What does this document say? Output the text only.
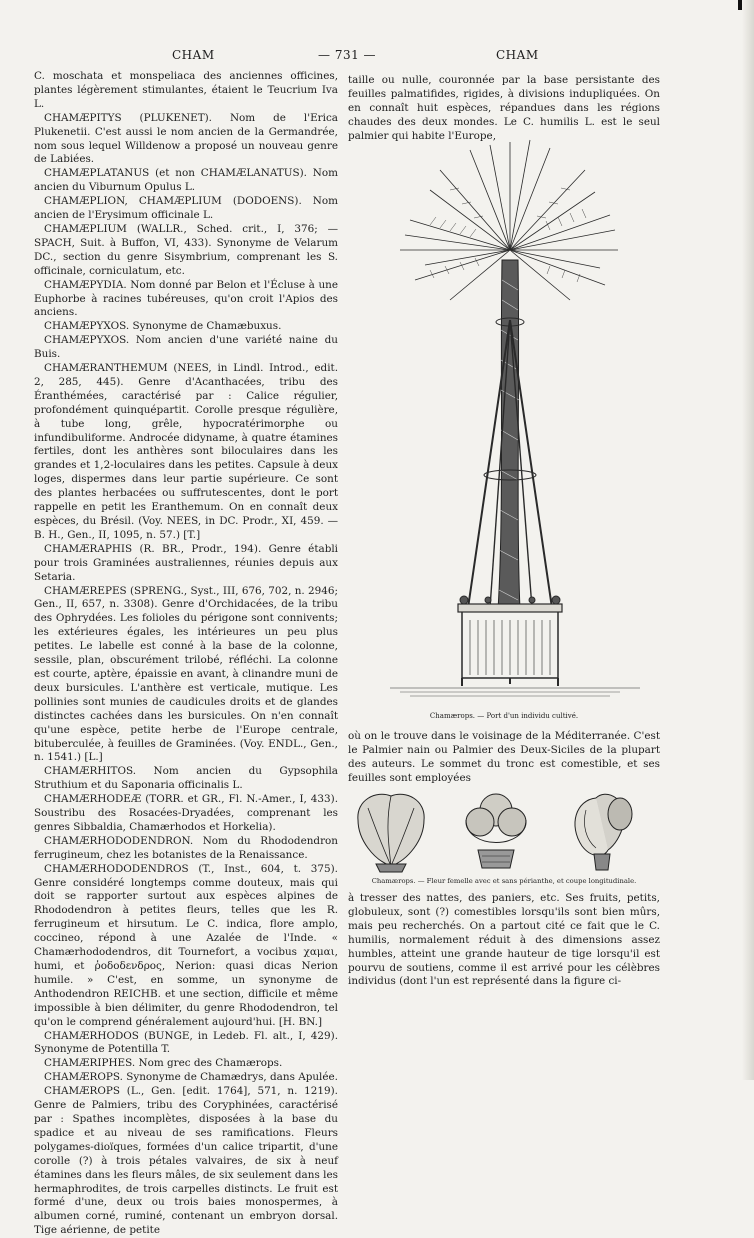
CHAM	— 731 —	CHAM

C. moschata et monspeliaca des anciennes officines, plantes légèrement stimulantes, étaient le Teucrium Iva L.

CHAMÆPITYS (PLUKENET). Nom de l'Erica Plukenetii. C'est aussi le nom ancien de la Germandrée, nom sous lequel Willdenow a proposé un nouveau genre de Labiées.

CHAMÆPLATANUS (et non CHAMÆLANATUS). Nom ancien du Viburnum Opulus L.

CHAMÆPLION, CHAMÆPLIUM (DODOENS). Nom ancien de l'Erysimum officinale L.

CHAMÆPLIUM (WALLR., Sched. crit., I, 376; — SPACH, Suit. à Buffon, VI, 433). Synonyme de Velarum DC., section du genre Sisymbrium, comprenant les S. officinale, corniculatum, etc.

CHAMÆPYDIA. Nom donné par Belon et l'Écluse à une Euphorbe à racines tubéreuses, qu'on croit l'Apios des anciens.

CHAMÆPYXOS. Synonyme de Chamæbuxus.

CHAMÆPYXOS. Nom ancien d'une variété naine du Buis.

CHAMÆRANTHEMUM (NEES, in Lindl. Introd., edit. 2, 285, 445). Genre d'Acanthacées, tribu des Éranthémées, caractérisé par : Calice régulier, profondément quinquépartit. Corolle presque régulière, à tube long, grêle, hypocratérimorphe ou infundibuliforme. Androcée didyname, à quatre étamines fertiles, dont les anthères sont biloculaires dans les grandes et 1,2-loculaires dans les petites. Capsule à deux loges, dispermes dans leur partie supérieure. Ce sont des plantes herbacées ou suffrutescentes, dont le port rappelle en petit les Eranthemum. On en connaît deux espèces, du Brésil. (Voy. NEES, in DC. Prodr., XI, 459. — B. H., Gen., II, 1095, n. 57.) [T.]

CHAMÆRAPHIS (R. BR., Prodr., 194). Genre établi pour trois Graminées australiennes, réunies depuis aux Setaria.

CHAMÆREPES (SPRENG., Syst., III, 676, 702, n. 2946; Gen., II, 657, n. 3308). Genre d'Orchidacées, de la tribu des Ophrydées. Les folioles du périgone sont connivents; les extérieures égales, les intérieures un peu plus petites. Le labelle est conné à la base de la colonne, sessile, plan, obscurément trilobé, réfléchi. La colonne est courte, aptère, épaissie en avant, à clinandre muni de deux bursicules. L'anthère est verticale, mutique. Les pollinies sont munies de caudicules droits et de glandes distinctes cachées dans les bursicules. On n'en connaît qu'une espèce, petite herbe de l'Europe centrale, bituberculée, à feuilles de Graminées. (Voy. ENDL., Gen., n. 1541.) [L.]

CHAMÆRHITOS. Nom ancien du Gypsophila Struthium et du Saponaria officinalis L.

CHAMÆRHODEÆ (TORR. et GR., Fl. N.-Amer., I, 433). Soustribu des Rosacées-Dryadées, comprenant les genres Sibbaldia, Chamærhodos et Horkelia).

CHAMÆRHODODENDRON. Nom du Rhododendron ferrugineum, chez les botanistes de la Renaissance.

CHAMÆRHODODENDROS (T., Inst., 604, t. 375). Genre considéré longtemps comme douteux, mais qui doit se rapporter surtout aux espèces alpines de Rhododendron à petites fleurs, telles que les R. ferrugineum et hirsutum. Le C. indica, flore amplo, coccineo, répond à une Azalée de l'Inde. « Chamærhododendros, dit Tournefort, a vocibus χαμαι, humi, et ῥοδοδενδρος, Nerion: quasi dicas Nerion humile. » C'est, en somme, un synonyme de Anthodendron REICHB. et une section, difficile et même impossible à bien délimiter, du genre Rhododendron, tel qu'on le comprend généralement aujourd'hui. [H. BN.]

CHAMÆRHODOS (BUNGE, in Ledeb. Fl. alt., I, 429). Synonyme de Potentilla T.

CHAMÆRIPHES. Nom grec des Chamærops.

CHAMÆROPS. Synonyme de Chamædrys, dans Apulée.

CHAMÆROPS (L., Gen. [edit. 1764], 571, n. 1219). Genre de Palmiers, tribu des Coryphinées, caractérisé par : Spathes incomplètes, disposées à la base du spadice et au niveau de ses ramifications. Fleurs polygames-dioïques, formées d'un calice tripartit, d'une corolle (?) à trois pétales valvaires, de six à neuf étamines dans les fleurs mâles, de six seulement dans les hermaphrodites, de trois carpelles distincts. Le fruit est formé d'une, deux ou trois baies monospermes, à albumen corné, ruminé, contenant un embryon dorsal. Tige aérienne, de petite

taille ou nulle, couronnée par la base persistante des feuilles palmatifides, rigides, à divisions indupliquées. On en connaît huit espèces, répandues dans les régions chaudes des deux mondes. Le C. humilis L. est le seul palmier qui habite l'Europe,
Chamærops. — Port d'un individu cultivé.
où on le trouve dans le voisinage de la Méditerranée. C'est le Palmier nain ou Palmier des Deux-Siciles de la plupart des auteurs. Le sommet du tronc est comestible, et ses feuilles sont employées
Chamærops. — Fleur femelle avec et sans périanthe, et coupe longitudinale.
à tresser des nattes, des paniers, etc. Ses fruits, petits, globuleux, sont (?) comestibles lorsqu'ils sont bien mûrs, mais peu recherchés. On a partout cité ce fait que le C. humilis, normalement réduit à des dimensions assez humbles, atteint une grande hauteur de tige lorsqu'il est pourvu de soutiens, comme il est arrivé pour les célèbres individus (dont l'un est représenté dans la figure ci-
